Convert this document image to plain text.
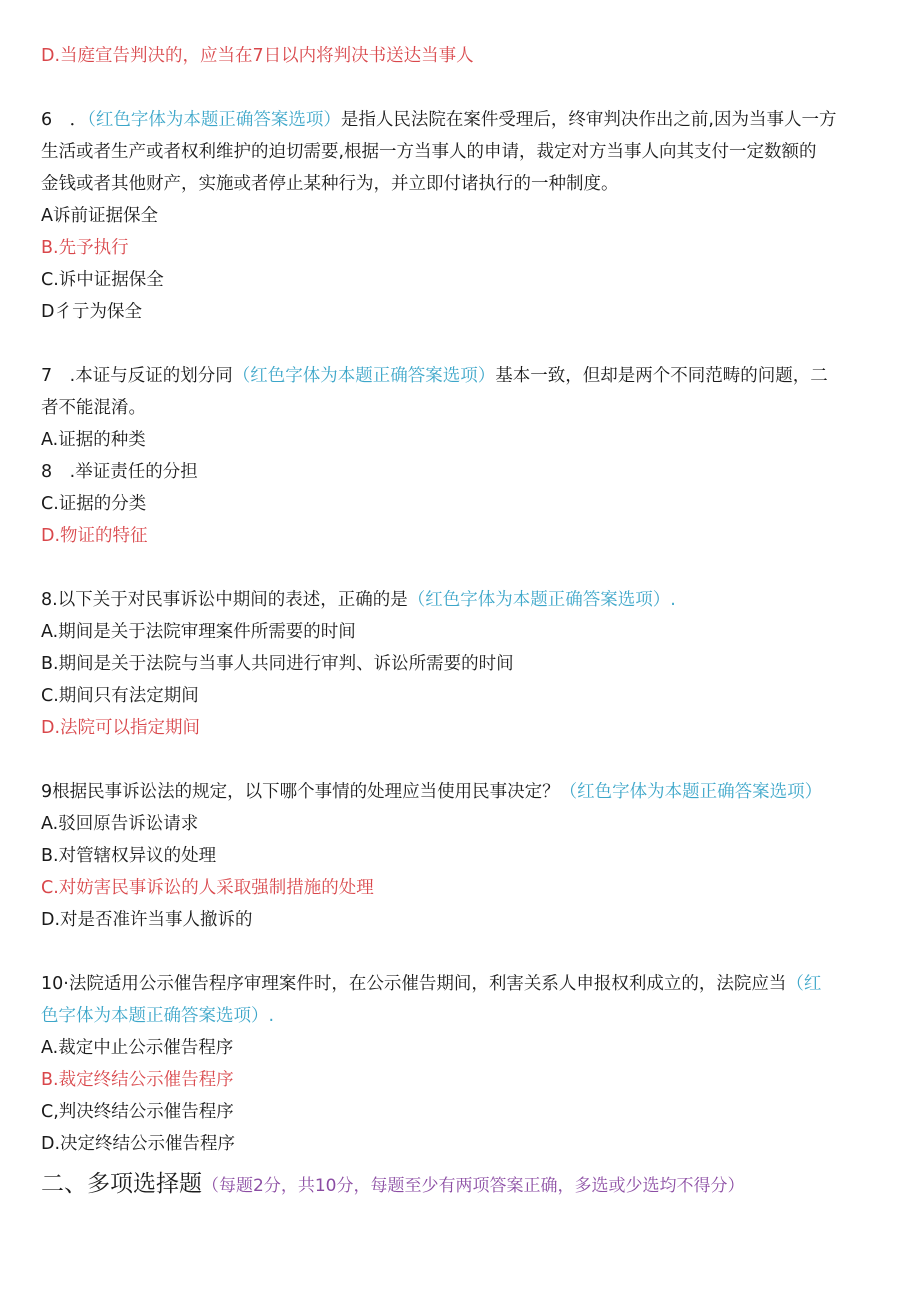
D.当庭宣告判决的，应当在7日以内将判决书送达当事人

6　．（红色字体为本题正确答案选项）是指人民法院在案件受理后，终审判决作出之前,因为当事人一方

生活或者生产或者权利维护的迫切需要,根据一方当事人的申请，裁定对方当事人向其支付一定数额的

金钱或者其他财产，实施或者停止某种行为，并立即付诸执行的一种制度。

A诉前证据保全

B.先予执行

C.诉中证据保全

D彳亍为保全

7　.本证与反证的划分同（红色字体为本题正确答案选项）基本一致，但却是两个不同范畴的问题，二

者不能混淆。

A.证据的种类

8　.举证责任的分担

C.证据的分类

D.物证的特征

8.以下关于对民事诉讼中期间的表述，正确的是（红色字体为本题正确答案选项）.

A.期间是关于法院审理案件所需要的时间

B.期间是关于法院与当事人共同进行审判、诉讼所需要的时间

C.期间只有法定期间

D.法院可以指定期间

9根据民事诉讼法的规定，以下哪个事情的处理应当使用民事决定？（红色字体为本题正确答案选项）

A.驳回原告诉讼请求

B.对管辖权异议的处理

C.对妨害民事诉讼的人采取强制措施的处理

D.对是否准许当事人撤诉的

10·法院适用公示催告程序审理案件时，在公示催告期间，利害关系人申报权利成立的，法院应当（红

色字体为本题正确答案选项）.

A.裁定中止公示催告程序

B.裁定终结公示催告程序

C,判决终结公示催告程序

D.决定终结公示催告程序

二、多项选择题（每题2分，共10分，每题至少有两项答案正确，多选或少选均不得分）
